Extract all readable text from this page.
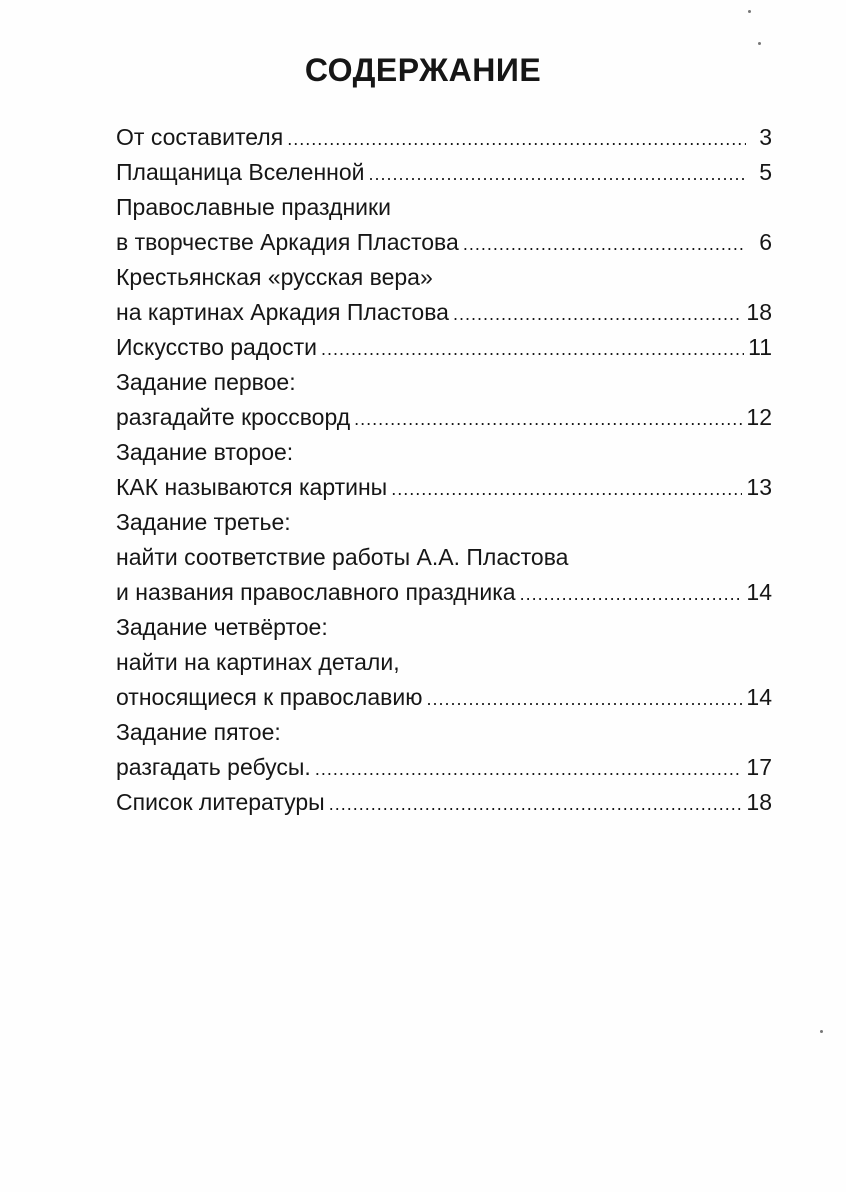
СОДЕРЖАНИЕ
От составителя .....	3
Плащаница Вселенной .....	5
Православные праздники
в творчестве Аркадия Пластова .....	6
Крестьянская «русская вера»
на картинах Аркадия Пластова .....	18
Искусство радости .....	11
Задание первое:
разгадайте кроссворд .....	12
Задание второе:
КАК называются картины .....	13
Задание третье:
найти соответствие работы А.А. Пластова
и названия православного праздника .....	14
Задание четвёртое:
найти на картинах детали,
относящиеся к православию .....	14
Задание пятое:
разгадать ребусы. .....	17
Список литературы .....	18
